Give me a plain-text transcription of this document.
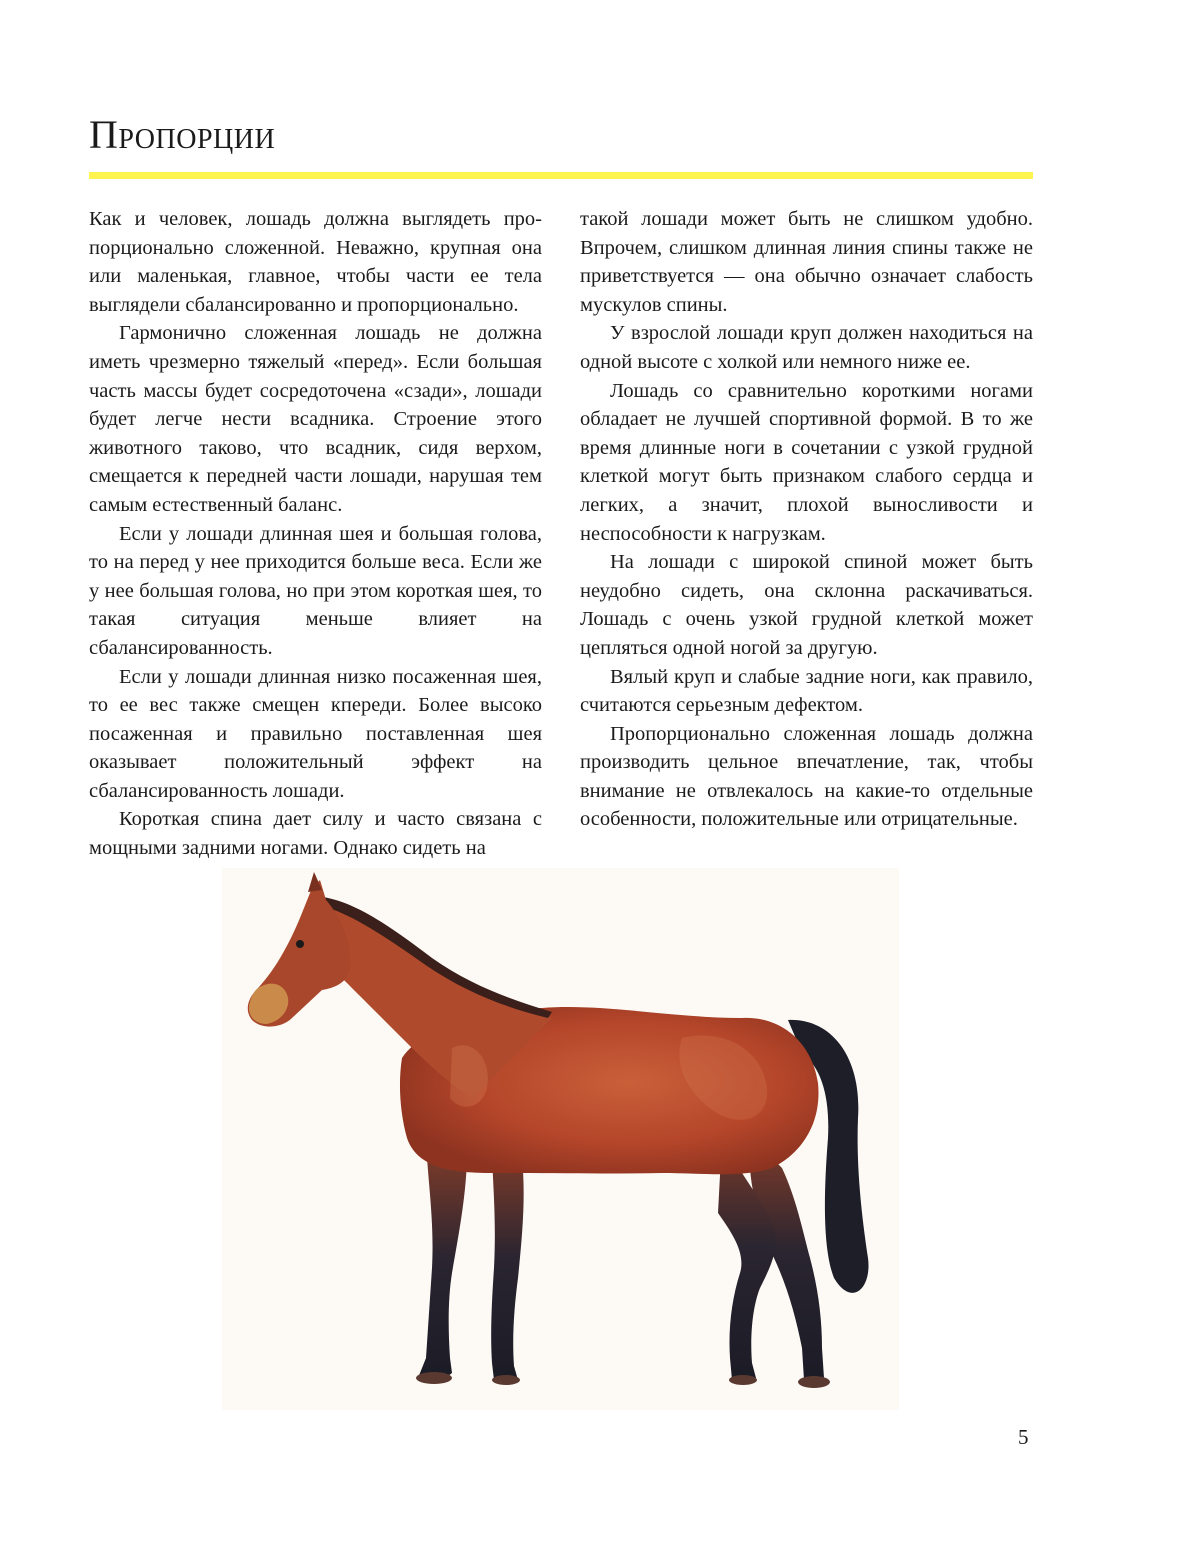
Пропорции

Как и человек, лошадь должна выглядеть пропорционально сложенной. Неважно, крупная она или маленькая, главное, чтобы части ее тела выглядели сбалансированно и пропорционально.

Гармонично сложенная лошадь не должна иметь чрезмерно тяжелый «перед». Если большая часть массы будет сосредоточена «сзади», лошади будет легче нести всадника. Строение этого животного таково, что всадник, сидя верхом, смещается к передней части лошади, нарушая тем самым естественный баланс.

Если у лошади длинная шея и большая голова, то на перед у нее приходится больше веса. Если же у нее большая голова, но при этом короткая шея, то такая ситуация меньше влияет на сбалансированность.

Если у лошади длинная низко посаженная шея, то ее вес также смещен кпереди. Более высоко посаженная и правильно поставленная шея оказывает положительный эффект на сбалансированность лошади.

Короткая спина дает силу и часто связана с мощными задними ногами. Однако сидеть на

такой лошади может быть не слишком удобно. Впрочем, слишком длинная линия спины также не приветствуется — она обычно означает слабость мускулов спины.

У взрослой лошади круп должен находиться на одной высоте с холкой или немного ниже ее.

Лошадь со сравнительно короткими ногами обладает не лучшей спортивной формой. В то же время длинные ноги в сочетании с узкой грудной клеткой могут быть признаком слабого сердца и легких, а значит, плохой выносливости и неспособности к нагрузкам.

На лошади с широкой спиной может быть неудобно сидеть, она склонна раскачиваться. Лошадь с очень узкой грудной клеткой может цепляться одной ногой за другую.

Вялый круп и слабые задние ноги, как правило, считаются серьезным дефектом.

Пропорционально сложенная лошадь должна производить цельное впечатление, так, чтобы внимание не отвлекалось на какие-то отдельные особенности, положительные или отрицательные.

5
